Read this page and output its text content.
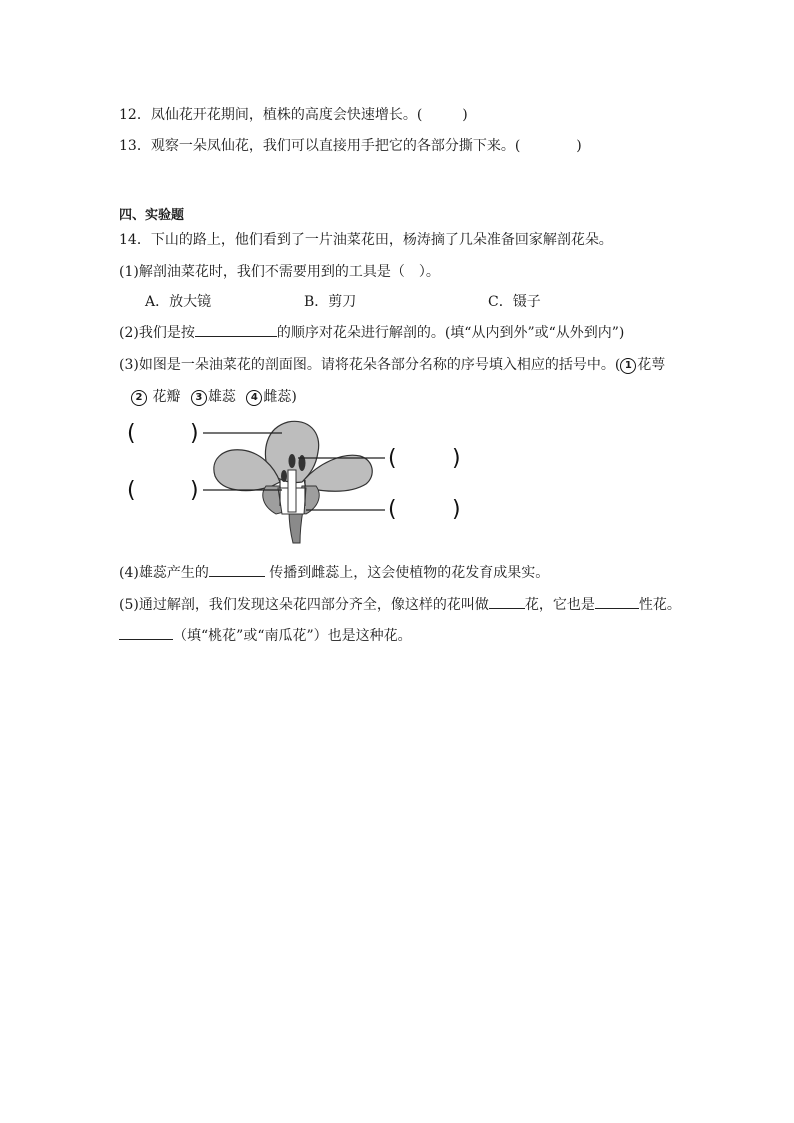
12．凤仙花开花期间，植株的高度会快速增长。(	)
13．观察一朵凤仙花，我们可以直接用手把它的各部分撕下来。(	)
四、实验题
14．下山的路上，他们看到了一片油菜花田，杨涛摘了几朵准备回家解剖花朵。
(1)解剖油菜花时，我们不需要用到的工具是（　）。
A．放大镜	B．剪刀	C．镊子
(2)我们是按	的顺序对花朵进行解剖的。(填“从内到外”或“从外到内”)
(3)如图是一朵油菜花的剖面图。请将花朵各部分名称的序号填入相应的括号中。( 1 花萼
2 花瓣 3 雄蕊 4 雌蕊)
( )
( )
(	)
(	)
(4)雄蕊产生的	传播到雌蕊上，这会使植物的花发育成果实。
(5)通过解剖，我们发现这朵花四部分齐全，像这样的花叫做	花，它也是	性花。
（填“桃花”或“南瓜花”）也是这种花。
